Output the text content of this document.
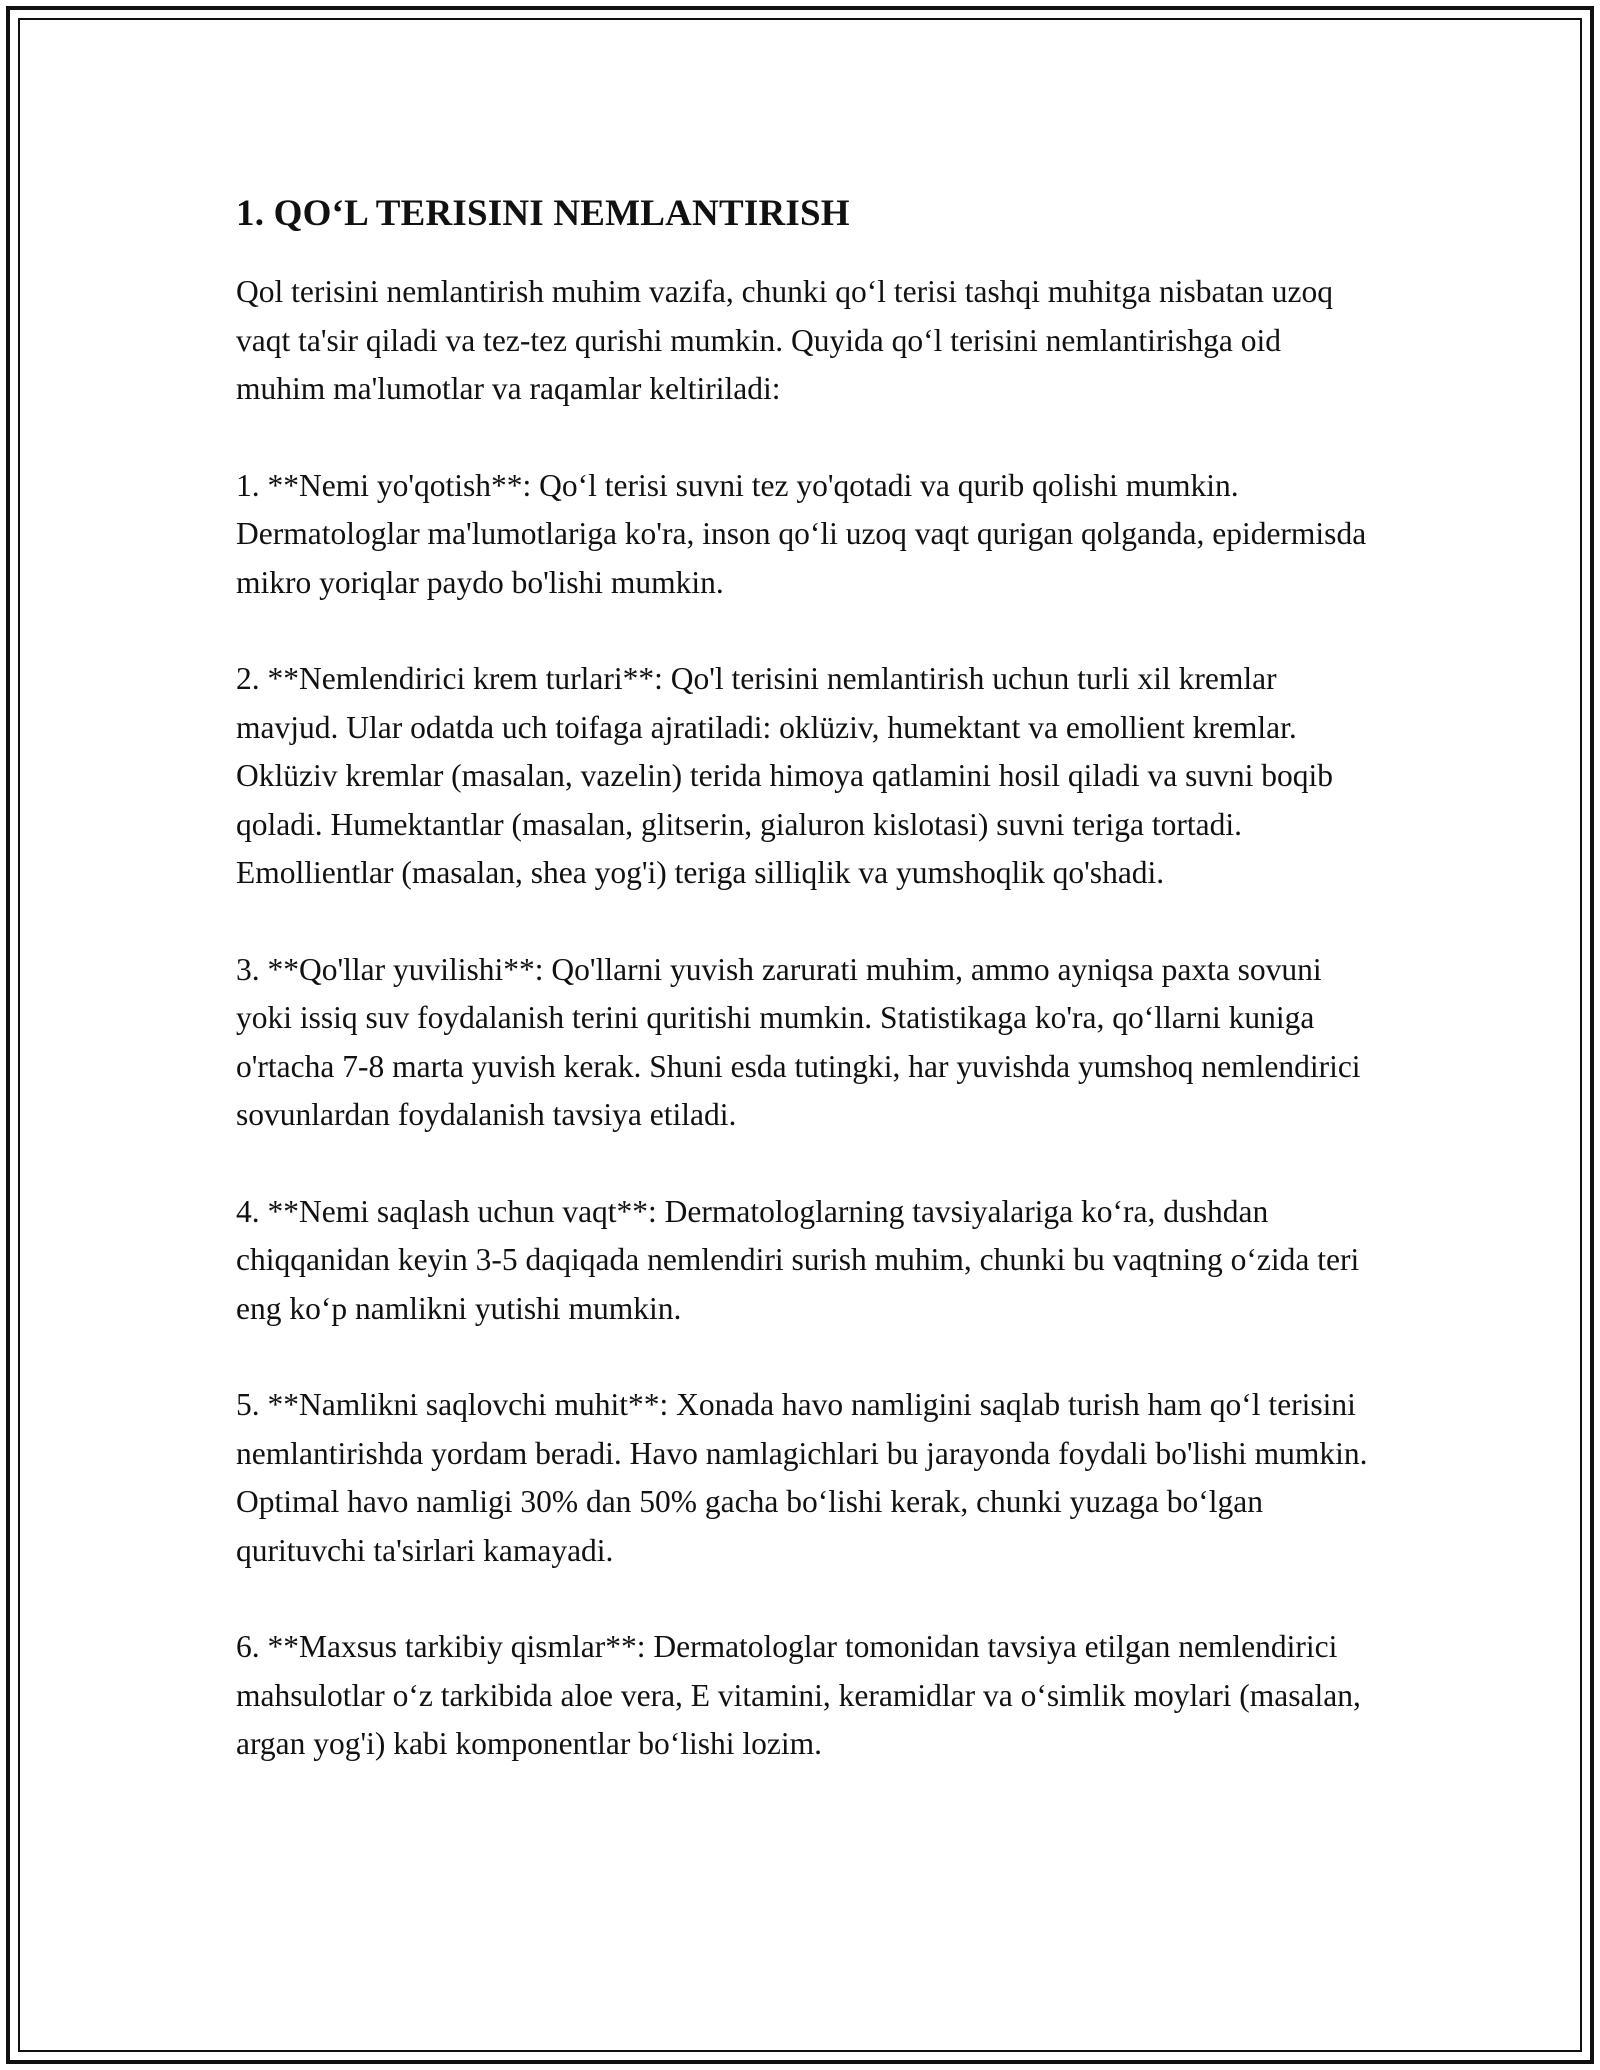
1. QO‘L TERISINI NEMLANTIRISH

Qol terisini nemlantirish muhim vazifa, chunki qo‘l terisi tashqi muhitga nisbatan uzoq vaqt ta'sir qiladi va tez-tez qurishi mumkin. Quyida qo‘l terisini nemlantirishga oid muhim ma'lumotlar va raqamlar keltiriladi:

1. **Nemi yo'qotish**: Qo‘l terisi suvni tez yo'qotadi va qurib qolishi mumkin. Dermatologlar ma'lumotlariga ko'ra, inson qo‘li uzoq vaqt qurigan qolganda, epidermisda mikro yoriqlar paydo bo'lishi mumkin.

2. **Nemlendirici krem turlari**: Qo'l terisini nemlantirish uchun turli xil kremlar mavjud. Ular odatda uch toifaga ajratiladi: oklüziv, humektant va emollient kremlar. Oklüziv kremlar (masalan, vazelin) terida himoya qatlamini hosil qiladi va suvni boqib qoladi. Humektantlar (masalan, glitserin, gialuron kislotasi) suvni teriga tortadi. Emollientlar (masalan, shea yog'i) teriga silliqlik va yumshoqlik qo'shadi.

3. **Qo'llar yuvilishi**: Qo'llarni yuvish zarurati muhim, ammo ayniqsa paxta sovuni yoki issiq suv foydalanish terini quritishi mumkin. Statistikaga ko'ra, qo‘llarni kuniga o'rtacha 7-8 marta yuvish kerak. Shuni esda tutingki, har yuvishda yumshoq nemlendirici sovunlardan foydalanish tavsiya etiladi.

4. **Nemi saqlash uchun vaqt**: Dermatologlarning tavsiyalariga ko‘ra, dushdan chiqqanidan keyin 3-5 daqiqada nemlendiri surish muhim, chunki bu vaqtning o‘zida teri eng ko‘p namlikni yutishi mumkin.

5. **Namlikni saqlovchi muhit**: Xonada havo namligini saqlab turish ham qo‘l terisini nemlantirishda yordam beradi. Havo namlagichlari bu jarayonda foydali bo'lishi mumkin. Optimal havo namligi 30% dan 50% gacha bo‘lishi kerak, chunki yuzaga bo‘lgan qurituvchi ta'sirlari kamayadi.

6. **Maxsus tarkibiy qismlar**: Dermatologlar tomonidan tavsiya etilgan nemlendirici mahsulotlar o‘z tarkibida aloe vera, E vitamini, keramidlar va o‘simlik moylari (masalan, argan yog'i) kabi komponentlar bo‘lishi lozim.
